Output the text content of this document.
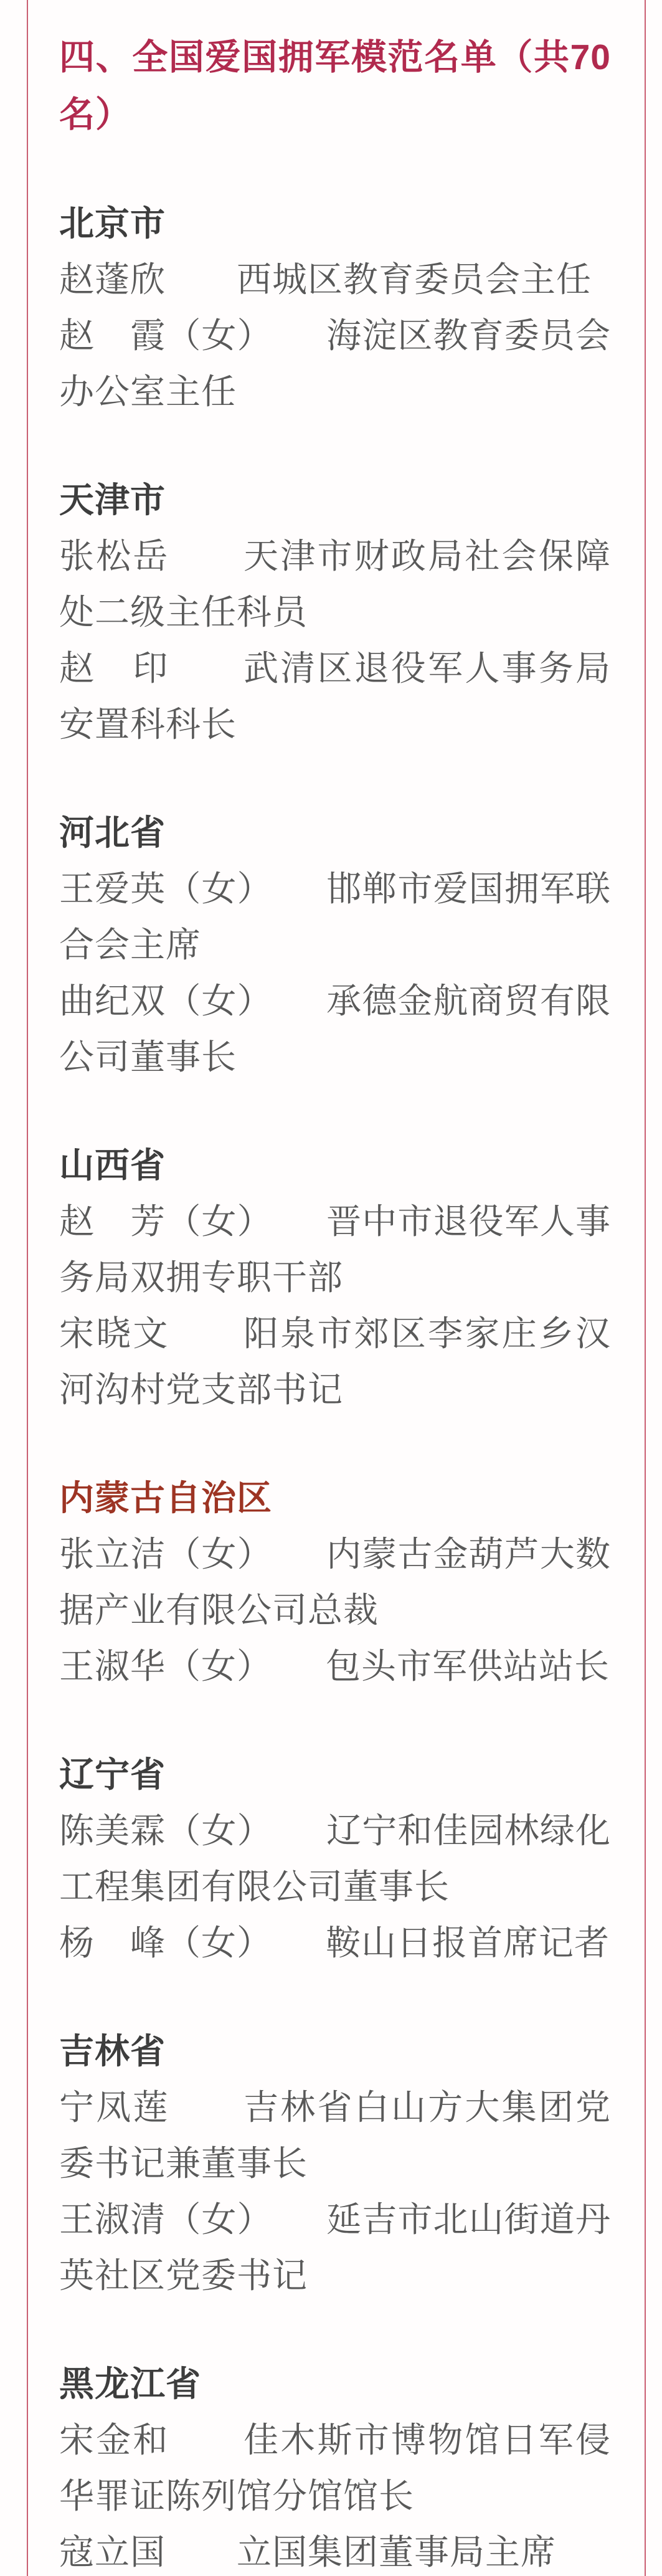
四、全国爱国拥军模范名单（共70名）
北京市

赵蓬欣　　西城区教育委员会主任

赵　霞（女）　　海淀区教育委员会办公室主任

天津市

张松岳　　天津市财政局社会保障处二级主任科员

赵　印　　武清区退役军人事务局安置科科长

河北省

王爱英（女）　　邯郸市爱国拥军联合会主席

曲纪双（女）　　承德金航商贸有限公司董事长

山西省

赵　芳（女）　　晋中市退役军人事务局双拥专职干部

宋晓文　　阳泉市郊区李家庄乡汉河沟村党支部书记

内蒙古自治区

张立洁（女）　　内蒙古金葫芦大数据产业有限公司总裁

王淑华（女）　　包头市军供站站长

辽宁省

陈美霖（女）　　辽宁和佳园林绿化工程集团有限公司董事长

杨　峰（女）　　鞍山日报首席记者

吉林省

宁凤莲　　吉林省白山方大集团党委书记兼董事长

王淑清（女）　　延吉市北山街道丹英社区党委书记

黑龙江省

宋金和　　佳木斯市博物馆日军侵华罪证陈列馆分馆馆长

寇立国　　立国集团董事局主席
